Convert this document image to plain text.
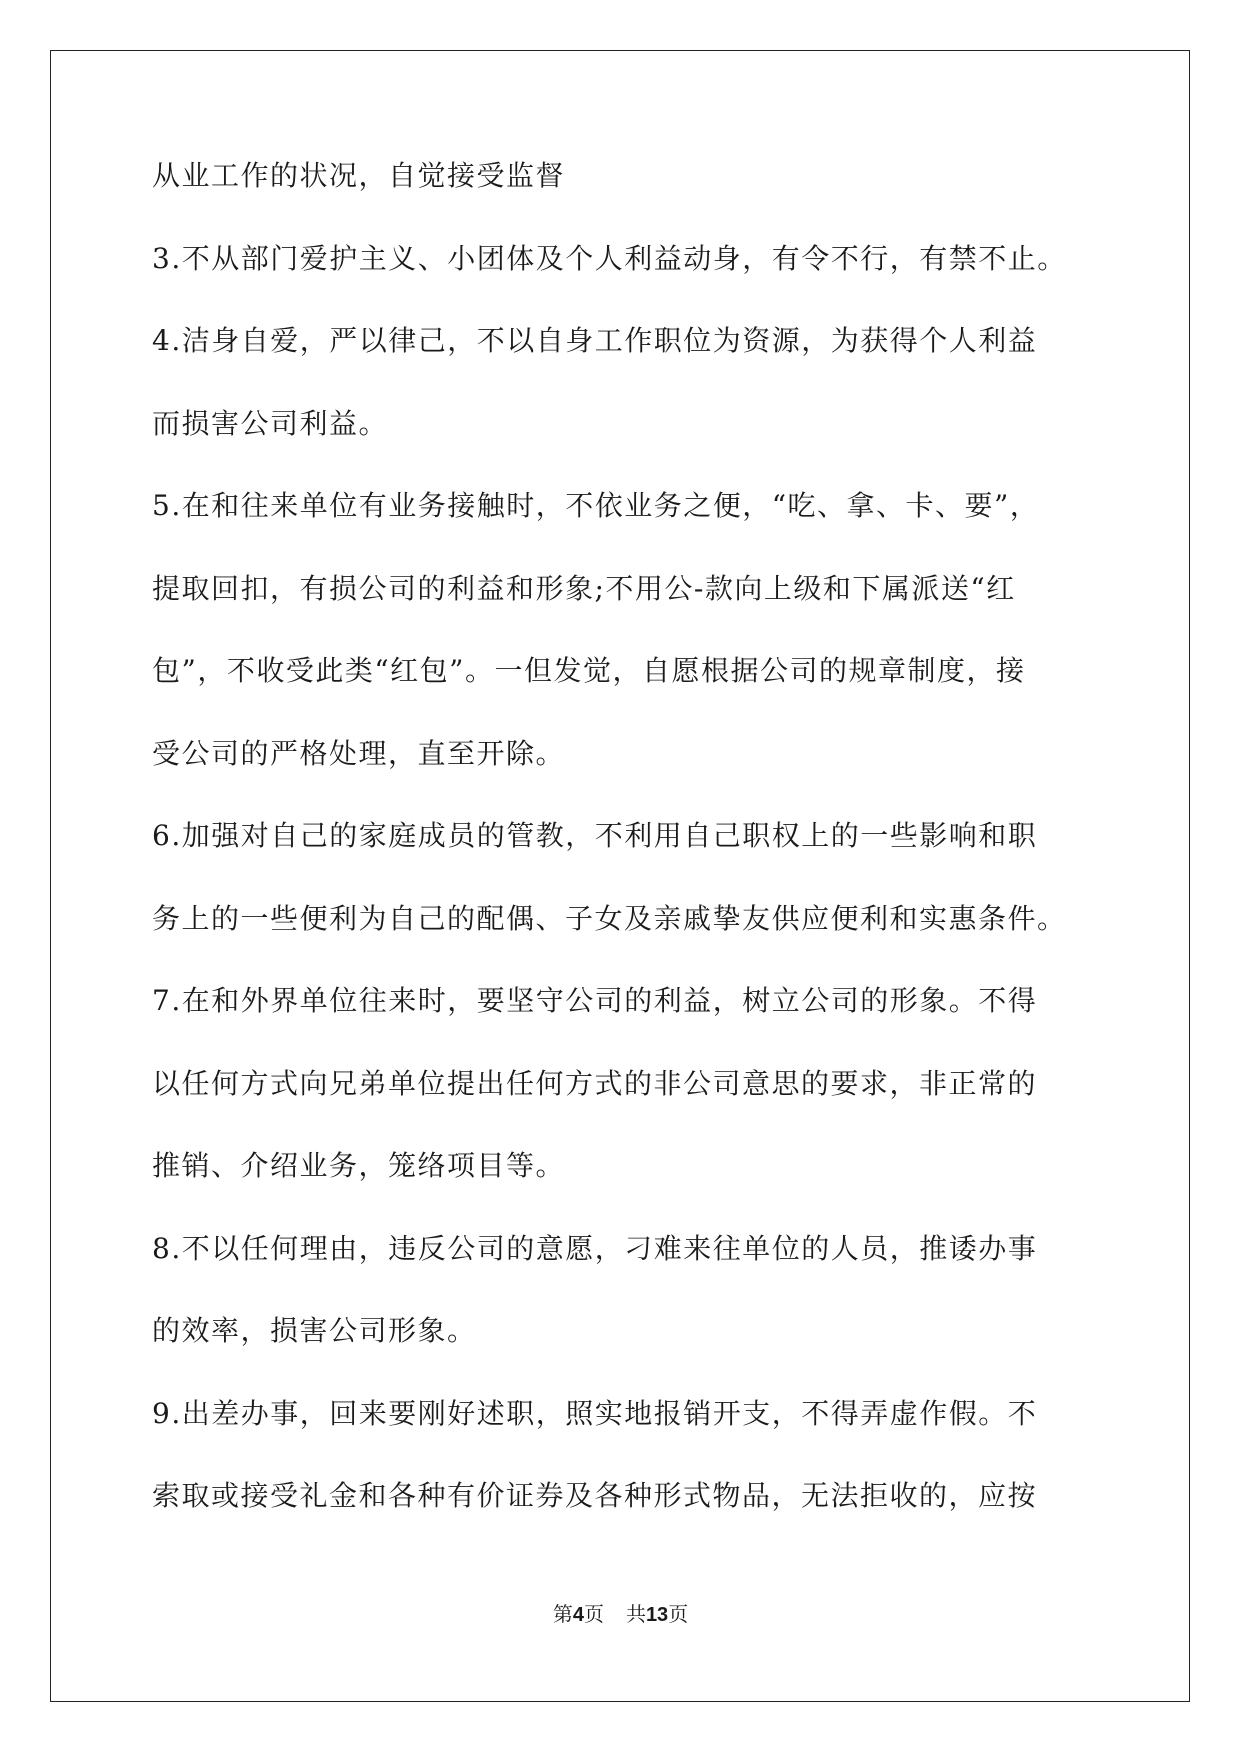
从业工作的状况，自觉接受监督
3.不从部门爱护主义、小团体及个人利益动身，有令不行，有禁不止。
4.洁身自爱，严以律己，不以自身工作职位为资源，为获得个人利益
而损害公司利益。
5.在和往来单位有业务接触时，不依业务之便，“吃、拿、卡、要”，
提取回扣，有损公司的利益和形象;不用公-款向上级和下属派送“红
包”，不收受此类“红包”。一但发觉，自愿根据公司的规章制度，接
受公司的严格处理，直至开除。
6.加强对自己的家庭成员的管教，不利用自己职权上的一些影响和职
务上的一些便利为自己的配偶、子女及亲戚挚友供应便利和实惠条件。
7.在和外界单位往来时，要坚守公司的利益，树立公司的形象。不得
以任何方式向兄弟单位提出任何方式的非公司意思的要求，非正常的
推销、介绍业务，笼络项目等。
8.不以任何理由，违反公司的意愿，刁难来往单位的人员，推诿办事
的效率，损害公司形象。
9.出差办事，回来要刚好述职，照实地报销开支，不得弄虚作假。不
索取或接受礼金和各种有价证券及各种形式物品，无法拒收的，应按
第4页 共13页
